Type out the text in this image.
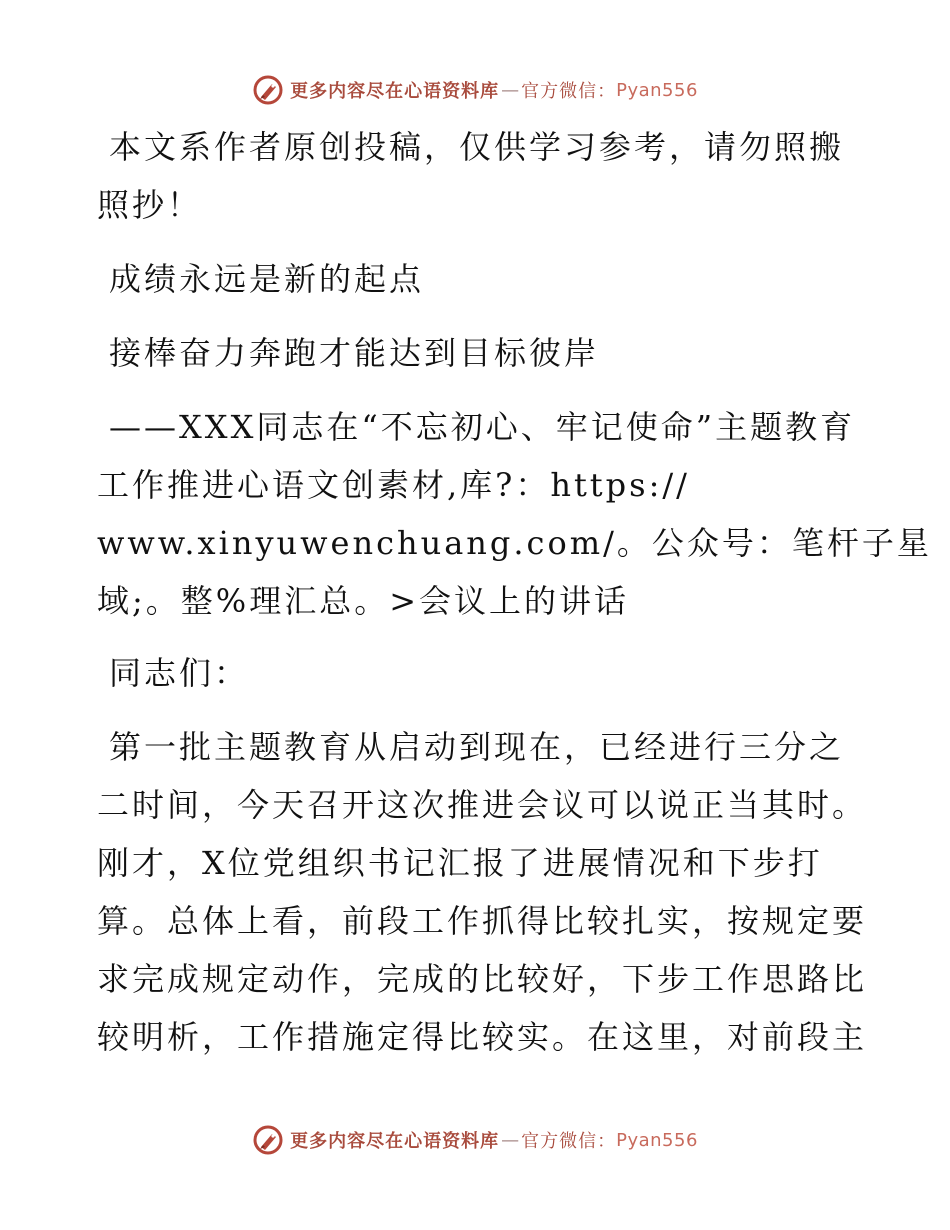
更多内容尽在心语资料库 — 官方微信： Pyan556
本文系作者原创投稿，仅供学习参考，请勿照搬
照抄！
成绩永远是新的起点
接棒奋力奔跑才能达到目标彼岸
——XXX同志在“不忘初心、牢记使命”主题教育
工作推进心语文创素材,库?：https://
www.xinyuwenchuang.com/。公众号：笔杆子星
域;。整%理汇总。>会议上的讲话
同志们：
第一批主题教育从启动到现在，已经进行三分之
二时间，今天召开这次推进会议可以说正当其时。
刚才，X位党组织书记汇报了进展情况和下步打
算。总体上看，前段工作抓得比较扎实，按规定要
求完成规定动作，完成的比较好，下步工作思路比
较明析，工作措施定得比较实。在这里，对前段主
更多内容尽在心语资料库 — 官方微信： Pyan556
